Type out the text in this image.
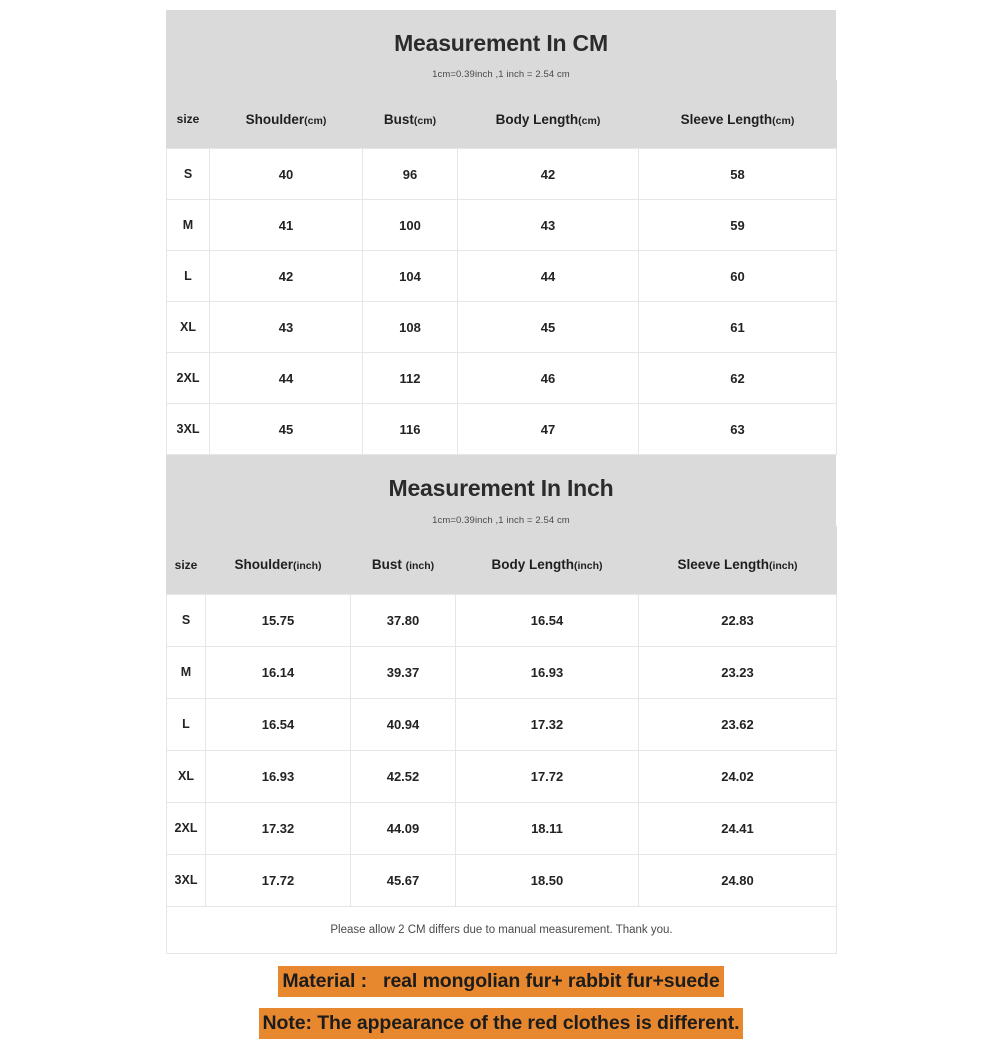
Measurement In CM
1cm=0.39inch ,1 inch = 2.54 cm
size	Shoulder(cm)	Bust(cm)	Body Length(cm)	Sleeve Length(cm)
S	40	96	42	58
M	41	100	43	59
L	42	104	44	60
XL	43	108	45	61
2XL	44	112	46	62
3XL	45	116	47	63
Measurement In Inch
1cm=0.39inch ,1 inch = 2.54 cm
size	Shoulder(inch)	Bust (inch)	Body Length(inch)	Sleeve Length(inch)
S	15.75	37.80	16.54	22.83
M	16.14	39.37	16.93	23.23
L	16.54	40.94	17.32	23.62
XL	16.93	42.52	17.72	24.02
2XL	17.32	44.09	18.11	24.41
3XL	17.72	45.67	18.50	24.80
Please allow 2 CM differs due to manual measurement. Thank you.				
Material :   real mongolian fur+ rabbit fur+suede
Note: The appearance of the red clothes is different.
